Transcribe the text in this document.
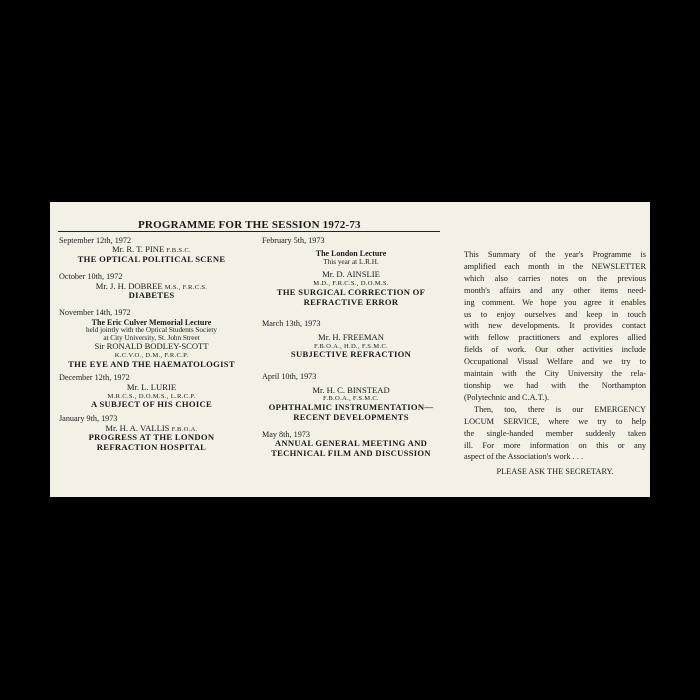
PROGRAMME FOR THE SESSION 1972-73
September 12th, 1972
Mr. R. T. PINE F.B.S.C.
THE OPTICAL POLITICAL SCENE
October 10th, 1972
Mr. J. H. DOBREE M.S., F.R.C.S.
DIABETES
November 14th, 1972
The Eric Culver Memorial Lecture
held jointly with the Optical Students Society
at City University, St. John Street
Sir RONALD BODLEY-SCOTT
K.C.V.O., D.M., F.R.C.P.
THE EYE AND THE HAEMATOLOGIST
December 12th, 1972
Mr. L. LURIE
M.R.C.S., D.O.M.S., L.R.C.P.
A SUBJECT OF HIS CHOICE
January 9th, 1973
Mr. H. A. VALLIS F.B.O.A.
PROGRESS AT THE LONDON
REFRACTION HOSPITAL
February 5th, 1973
The London Lecture
This year at L.R.H.
Mr. D. AINSLIE
M.D., F.R.C.S., D.O.M.S.
THE SURGICAL CORRECTION OF
REFRACTIVE ERROR
March 13th, 1973
Mr. H. FREEMAN
F.B.O.A., H.D., F.S.M.C.
SUBJECTIVE REFRACTION
April 10th, 1973
Mr. H. C. BINSTEAD
F.B.O.A., F.S.M.C.
OPHTHALMIC INSTRUMENTATION—
RECENT DEVELOPMENTS
May 8th, 1973
ANNUAL GENERAL MEETING AND
TECHNICAL FILM AND DISCUSSION
This Summary of the year's Programme is
amplified each month in the NEWSLETTER
which also carries notes on the previous
month's affairs and any other items need-
ing comment. We hope you agree it enables
us to enjoy ourselves and keep in touch
with new developments. It provides contact
with fellow practitioners and explores allied
fields of work. Our other activities include
Occupational Visual Welfare and we try to
maintain with the City University the rela-
tionship we had with the Northampton
(Polytechnic and C.A.T.).
Then, too, there is our EMERGENCY
LOCUM SERVICE, where we try to help
the single-handed member suddenly taken
ill. For more information on this or any
aspect of the Association's work . . .
PLEASE ASK THE SECRETARY.
